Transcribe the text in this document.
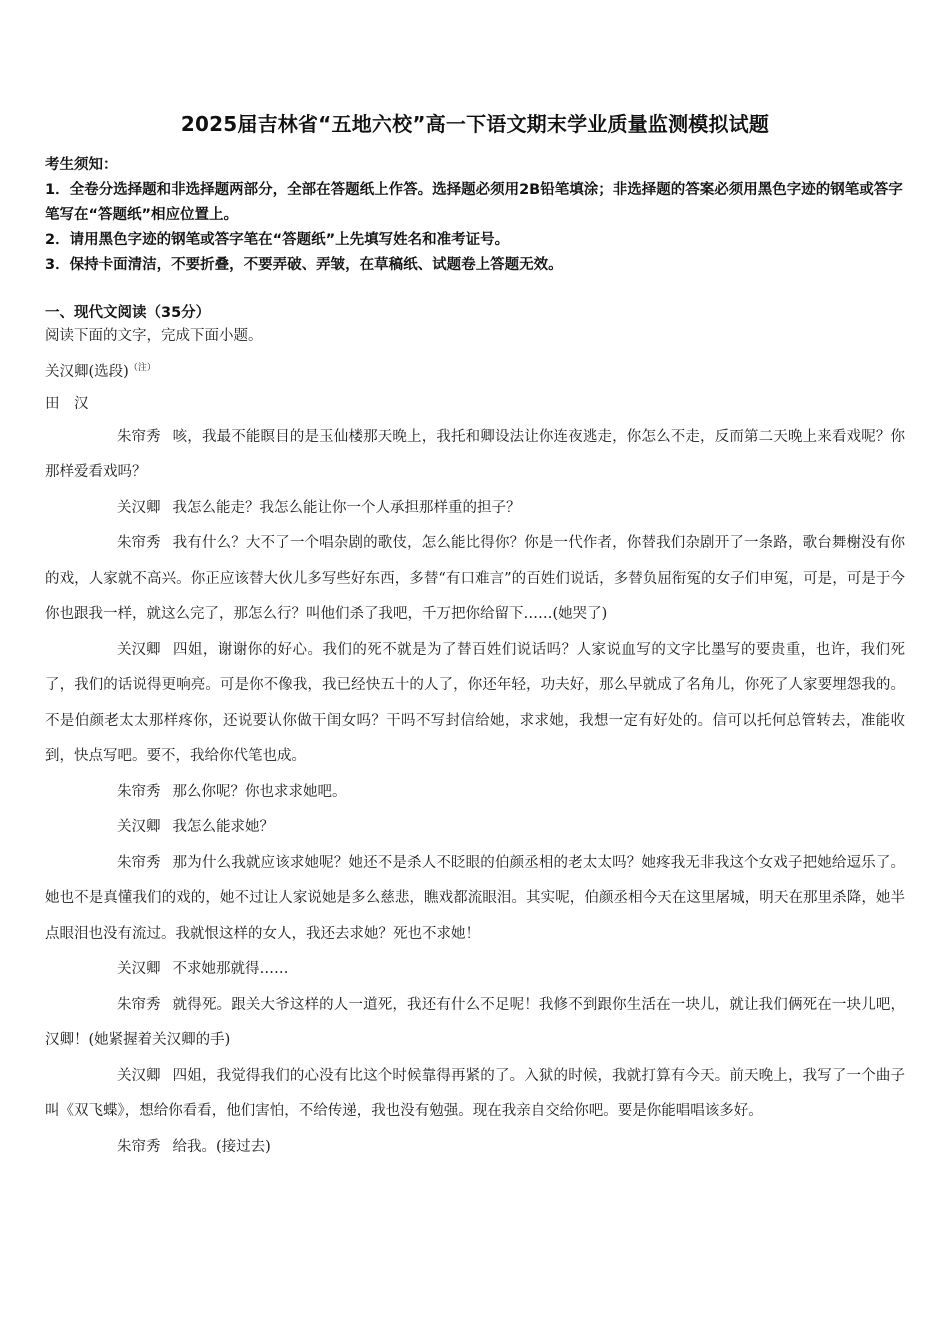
2025届吉林省“五地六校”高一下语文期末学业质量监测模拟试题

考生须知：

1．全卷分选择题和非选择题两部分，全部在答题纸上作答。选择题必须用2B铅笔填涂；非选择题的答案必须用黑色字迹的钢笔或答字笔写在“答题纸”相应位置上。

2．请用黑色字迹的钢笔或答字笔在“答题纸”上先填写姓名和准考证号。

3．保持卡面清洁，不要折叠，不要弄破、弄皱，在草稿纸、试题卷上答题无效。

一、现代文阅读（35分）

阅读下面的文字，完成下面小题。

关汉卿(选段)$^{(注)}$

田　汉

朱帘秀 咳，我最不能瞑目的是玉仙楼那天晚上，我托和卿设法让你连夜逃走，你怎么不走，反而第二天晚上来看戏呢？你那样爱看戏吗？

关汉卿 我怎么能走？我怎么能让你一个人承担那样重的担子？

朱帘秀 我有什么？大不了一个唱杂剧的歌伎，怎么能比得你？你是一代作者，你替我们杂剧开了一条路，歌台舞榭没有你的戏，人家就不高兴。你正应该替大伙儿多写些好东西，多替“有口难言”的百姓们说话，多替负屈衔冤的女子们申冤，可是，可是于今你也跟我一样，就这么完了，那怎么行？叫他们杀了我吧，千万把你给留下……(她哭了)

关汉卿 四姐，谢谢你的好心。我们的死不就是为了替百姓们说话吗？人家说血写的文字比墨写的要贵重，也许，我们死了，我们的话说得更响亮。可是你不像我，我已经快五十的人了，你还年轻，功夫好，那么早就成了名角儿，你死了人家要埋怨我的。不是伯颜老太太那样疼你，还说要认你做干闺女吗？干吗不写封信给她，求求她，我想一定有好处的。信可以托何总管转去，准能收到，快点写吧。要不，我给你代笔也成。

朱帘秀 那么你呢？你也求求她吧。

关汉卿 我怎么能求她？

朱帘秀 那为什么我就应该求她呢？她还不是杀人不眨眼的伯颜丞相的老太太吗？她疼我无非我这个女戏子把她给逗乐了。她也不是真懂我们的戏的，她不过让人家说她是多么慈悲，瞧戏都流眼泪。其实呢，伯颜丞相今天在这里屠城，明天在那里杀降，她半点眼泪也没有流过。我就恨这样的女人，我还去求她？死也不求她！

关汉卿 不求她那就得……

朱帘秀 就得死。跟关大爷这样的人一道死，我还有什么不足呢！我修不到跟你生活在一块儿，就让我们俩死在一块儿吧，汉卿！(她紧握着关汉卿的手)

关汉卿 四姐，我觉得我们的心没有比这个时候靠得再紧的了。入狱的时候，我就打算有今天。前天晚上，我写了一个曲子叫《双飞蝶》，想给你看看，他们害怕，不给传递，我也没有勉强。现在我亲自交给你吧。要是你能唱唱该多好。

朱帘秀 给我。(接过去)
